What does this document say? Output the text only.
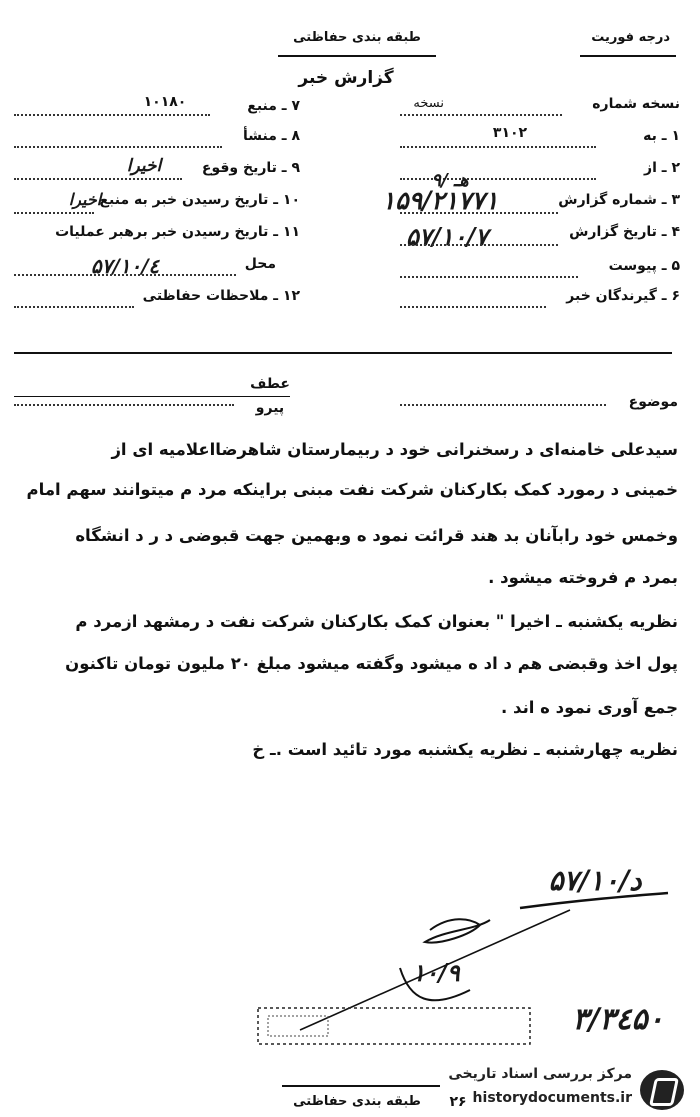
طبقه بندی حفاظتی	درجه فوریت
گزارش خبر
نسخه شماره
نسخه
۱ ـ به
۳۱۰۲
۲ ـ از
۳ ـ شماره گزارش
۱۵۹/۲۱۷۷۱
۴ ـ تاریخ گزارش
۵۷/۱۰/۷
۵ ـ پیوست
۶ ـ گیرندگان خبر
۷ ـ منبع
۱۰۱۸۰
۸ ـ منشأ
۹ ـ تاریخ وقوع
اخیرا
۱۰ ـ تاریخ رسیدن خبر به منبع
اخیرا
۱۱ ـ تاریخ رسیدن خبر برهبر عملیات
محل
۵۷/۱۰/٤
۱۲ ـ ملاحظات حفاظتی
۹/ هـ
موضوع
عطف
پیرو
سیدعلی خامنه‌ای د رسخنرانی خود د ربیمارستان شاهرضااعلامیه ای از
خمینی د رمورد کمک بکارکنان شرکت نفت مبنی براینکه مرد م میتوانند سهم امام
وخمس خود رابآنان بد هند قرائت نمود ه وبهمین جهت قبوضی د ر د انشگاه
بمرد م فروخته میشود .
نظریه یکشنبه ـ اخیرا " بعنوان کمک بکارکنان شرکت نفت د رمشهد ازمرد م
پول اخذ وقبضی هم د اد ه میشود وگفته میشود مبلغ ۲۰ ملیون تومان تاکنون
جمع آوری نمود ه اند .
نظریه چهارشنبه ـ نظریه یکشنبه مورد تائید است .ـ خ
۵۷/۱۰/د
۱۰/۹
۳/۳٤۵۰
۲۶
طبقه بندی حفاظتی
مرکز بررسی اسناد تاریخی
historydocuments.ir
